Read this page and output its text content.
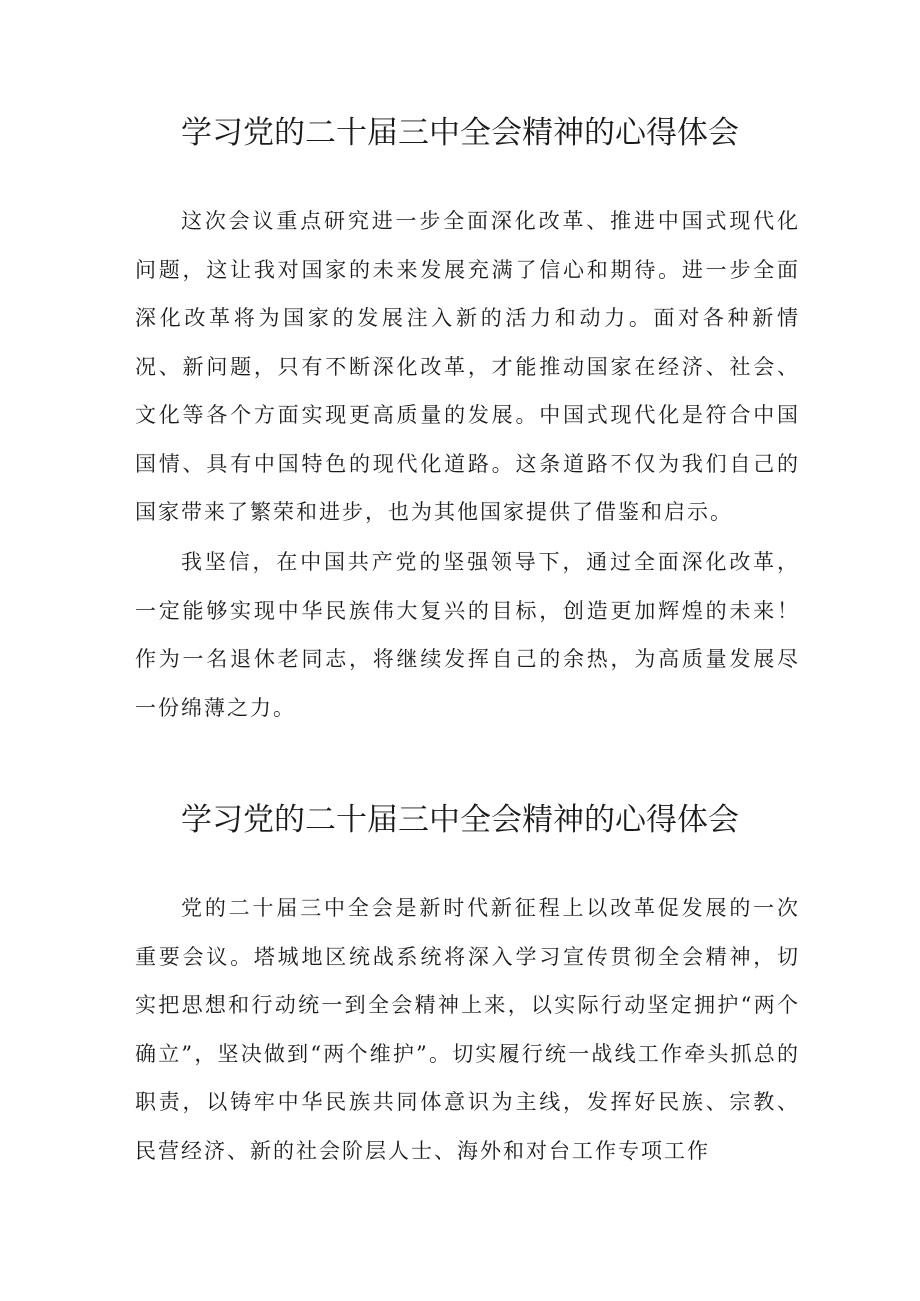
学习党的二十届三中全会精神的心得体会

这次会议重点研究进一步全面深化改革、推进中国式现代化问题，这让我对国家的未来发展充满了信心和期待。进一步全面深化改革将为国家的发展注入新的活力和动力。面对各种新情况、新问题，只有不断深化改革，才能推动国家在经济、社会、文化等各个方面实现更高质量的发展。中国式现代化是符合中国国情、具有中国特色的现代化道路。这条道路不仅为我们自己的国家带来了繁荣和进步，也为其他国家提供了借鉴和启示。

我坚信，在中国共产党的坚强领导下，通过全面深化改革，一定能够实现中华民族伟大复兴的目标，创造更加辉煌的未来！作为一名退休老同志，将继续发挥自己的余热，为高质量发展尽一份绵薄之力。

学习党的二十届三中全会精神的心得体会

党的二十届三中全会是新时代新征程上以改革促发展的一次重要会议。塔城地区统战系统将深入学习宣传贯彻全会精神，切实把思想和行动统一到全会精神上来，以实际行动坚定拥护“两个确立”，坚决做到“两个维护”。切实履行统一战线工作牵头抓总的职责，以铸牢中华民族共同体意识为主线，发挥好民族、宗教、民营经济、新的社会阶层人士、海外和对台工作专项工作
